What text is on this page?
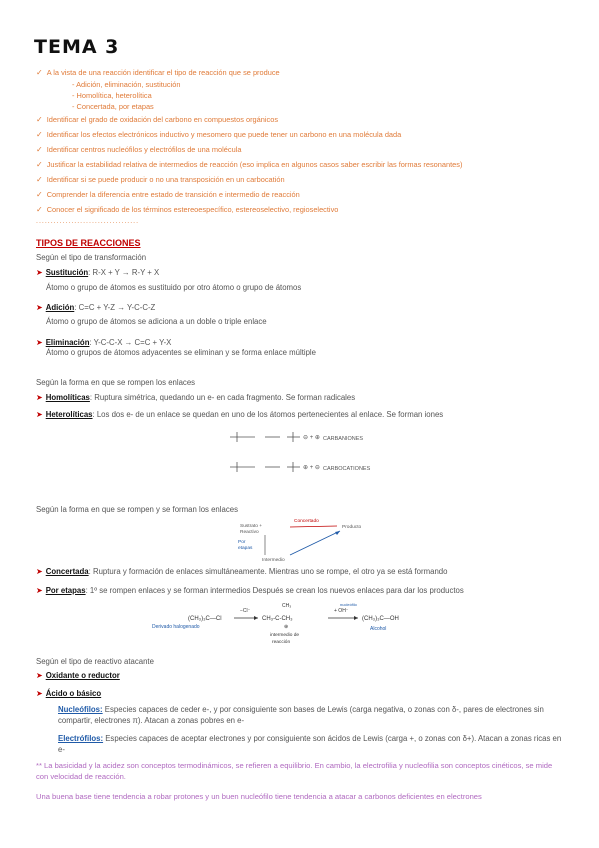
TEMA 3
✓ A la vista de una reacción identificar el tipo de reacción que se produce
- Adición, eliminación, sustitución
- Homolítica, heterolítica
- Concertada, por etapas
✓ Identificar el grado de oxidación del carbono en compuestos orgánicos
✓ Identificar los efectos electrónicos inductivo y mesomero que puede tener un carbono en una molécula dada
✓ Identificar centros nucleófilos y electrófilos de una molécula
✓ Justificar la estabilidad relativa de intermedios de reacción (eso implica en algunos casos saber escribir las formas resonantes)
✓ Identificar si se puede producir o no una transposición en un carbocatión
✓ Comprender la diferencia entre estado de transición e intermedio de reacción
✓ Conocer el significado de los términos estereoespecífico, estereoselectivo, regioselectivo
...................................
TIPOS DE REACCIONES
Según el tipo de transformación
➤ Sustitución: R-X + Y → R-Y + X
Átomo o grupo de átomos es sustituido por otro átomo o grupo de átomos
➤ Adición: C=C + Y-Z → Y-C-C-Z
Átomo o grupo de átomos se adiciona a un doble o triple enlace
➤ Eliminación: Y-C-C-X → C=C + Y-X
Átomo o grupos de átomos adyacentes se eliminan y se forma enlace múltiple
Según la forma en que se rompen los enlaces
➤ Homolíticas: Ruptura simétrica, quedando un e- en cada fragmento. Se forman radicales
➤ Heterolíticas: Los dos e- de un enlace se quedan en uno de los átomos pertenecientes al enlace. Se forman iones
⊖ + ⊕
⊕ + ⊖
CARBANIONES
CARBOCATIONES
Según la forma en que se rompen y se forman los enlaces
Sustrato +
Reactivo
Concertado
Producto
Por
etapas
Intermedio
➤ Concertada: Ruptura y formación de enlaces simultáneamente. Mientras uno se rompe, el otro ya se está formando
➤ Por etapas: 1º se rompen enlaces y se forman intermedios Después se crean los nuevos enlaces para dar los productos
(CH₃)₃C—Cl
−Cl⁻
CH₃
CH₃-C-CH₃
⊕
+ OH⁻
nucleófilo
(CH₃)₃C—OH
Derivado halogenado
intermedio de
reacción
Alcohol
Según el tipo de reactivo atacante
➤ Oxidante o reductor
➤ Ácido o básico
Nucleófilos: Especies capaces de ceder e-, y por consiguiente son bases de Lewis (carga negativa, o zonas con δ-, pares de electrones sin compartir, electrones π). Atacan a zonas pobres en e-
Electrófilos: Especies capaces de aceptar electrones y por consiguiente son ácidos de Lewis (carga +, o zonas con δ+). Atacan a zonas ricas en e-
** La basicidad y la acidez son conceptos termodinámicos, se refieren a equilibrio. En cambio, la electrofilia y nucleofilia son conceptos cinéticos, se mide con velocidad de reacción.
Una buena base tiene tendencia a robar protones y un buen nucleófilo tiene tendencia a atacar a carbonos deficientes en electrones
